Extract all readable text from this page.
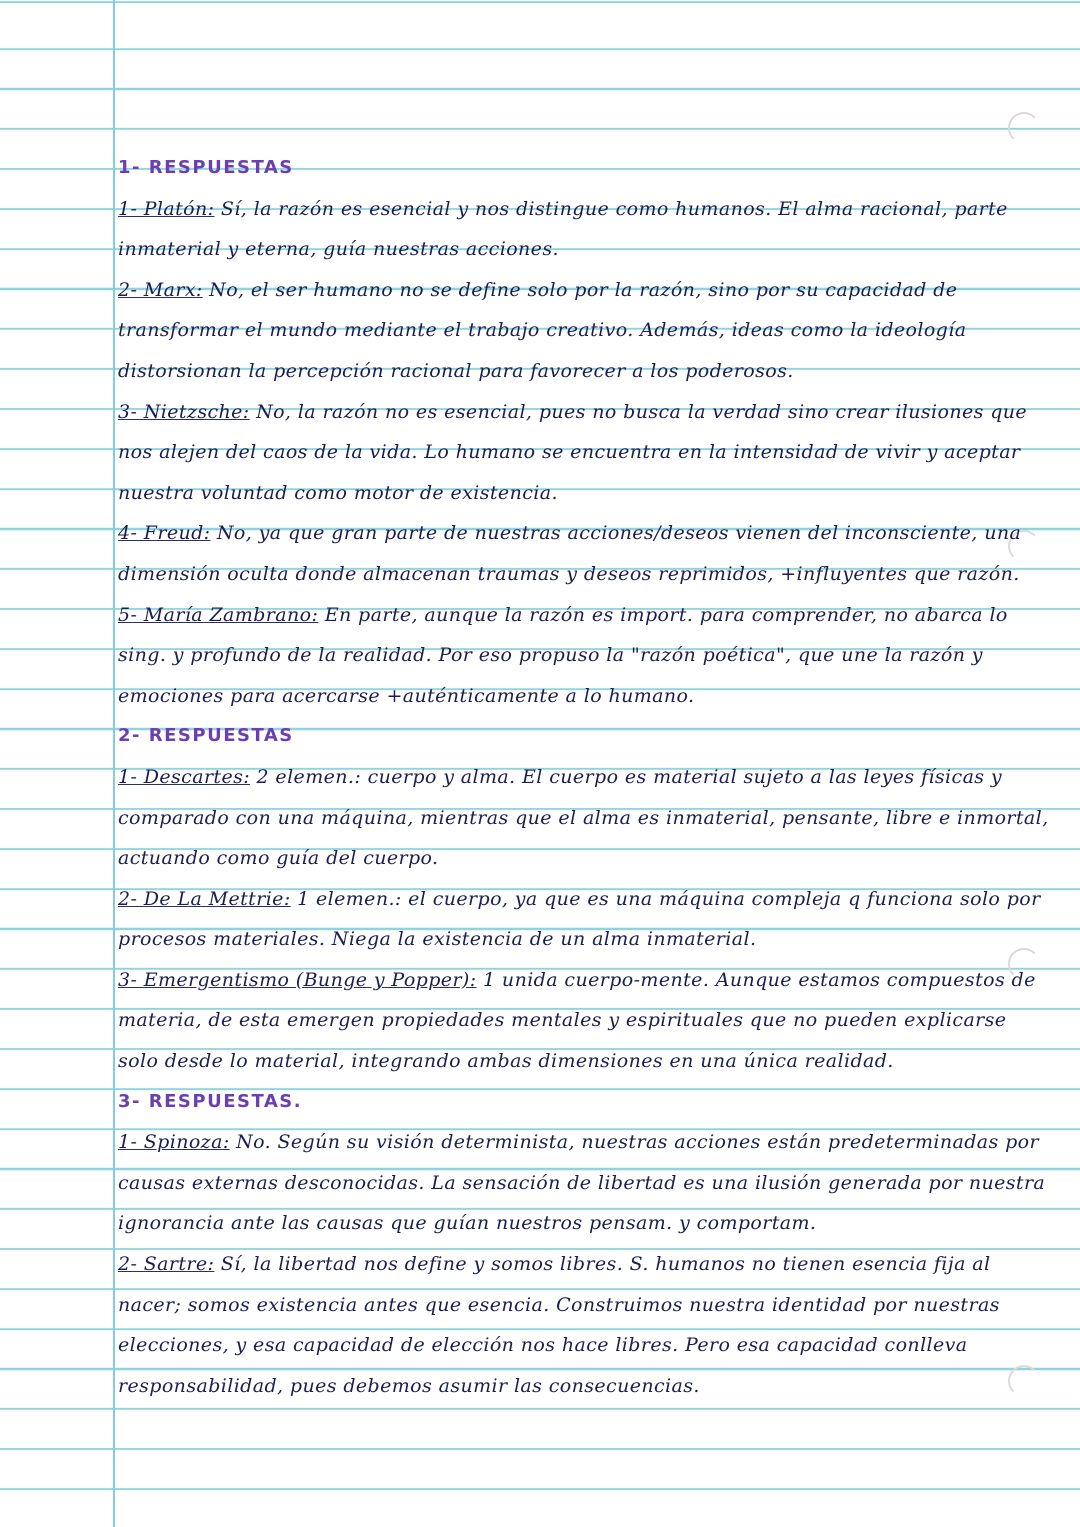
1- RESPUESTAS

1- Platón: Sí, la razón es esencial y nos distingue como humanos. El alma racional, parte inmaterial y eterna, guía nuestras acciones.

2- Marx: No, el ser humano no se define solo por la razón, sino por su capacidad de transformar el mundo mediante el trabajo creativo. Además, ideas como la ideología distorsionan la percepción racional para favorecer a los poderosos.

3- Nietzsche: No, la razón no es esencial, pues no busca la verdad sino crear ilusiones que nos alejen del caos de la vida. Lo humano se encuentra en la intensidad de vivir y aceptar nuestra voluntad como motor de existencia.

4- Freud: No, ya que gran parte de nuestras acciones/deseos vienen del inconsciente, una dimensión oculta donde almacenan traumas y deseos reprimidos, +influyentes que razón.

5- María Zambrano: En parte, aunque la razón es import. para comprender, no abarca lo sing. y profundo de la realidad. Por eso propuso la "razón poética", que une la razón y emociones para acercarse +auténticamente a lo humano.

2- RESPUESTAS

1- Descartes: 2 elemen.: cuerpo y alma. El cuerpo es material sujeto a las leyes físicas y comparado con una máquina, mientras que el alma es inmaterial, pensante, libre e inmortal, actuando como guía del cuerpo.

2- De La Mettrie: 1 elemen.: el cuerpo, ya que es una máquina compleja q funciona solo por procesos materiales. Niega la existencia de un alma inmaterial.

3- Emergentismo (Bunge y Popper): 1 unida cuerpo-mente. Aunque estamos compuestos de materia, de esta emergen propiedades mentales y espirituales que no pueden explicarse solo desde lo material, integrando ambas dimensiones en una única realidad.

3- RESPUESTAS.

1- Spinoza: No. Según su visión determinista, nuestras acciones están predeterminadas por causas externas desconocidas. La sensación de libertad es una ilusión generada por nuestra ignorancia ante las causas que guían nuestros pensam. y comportam.

2- Sartre: Sí, la libertad nos define y somos libres. S. humanos no tienen esencia fija al nacer; somos existencia antes que esencia. Construimos nuestra identidad por nuestras elecciones, y esa capacidad de elección nos hace libres. Pero esa capacidad conlleva responsabilidad, pues debemos asumir las consecuencias.
